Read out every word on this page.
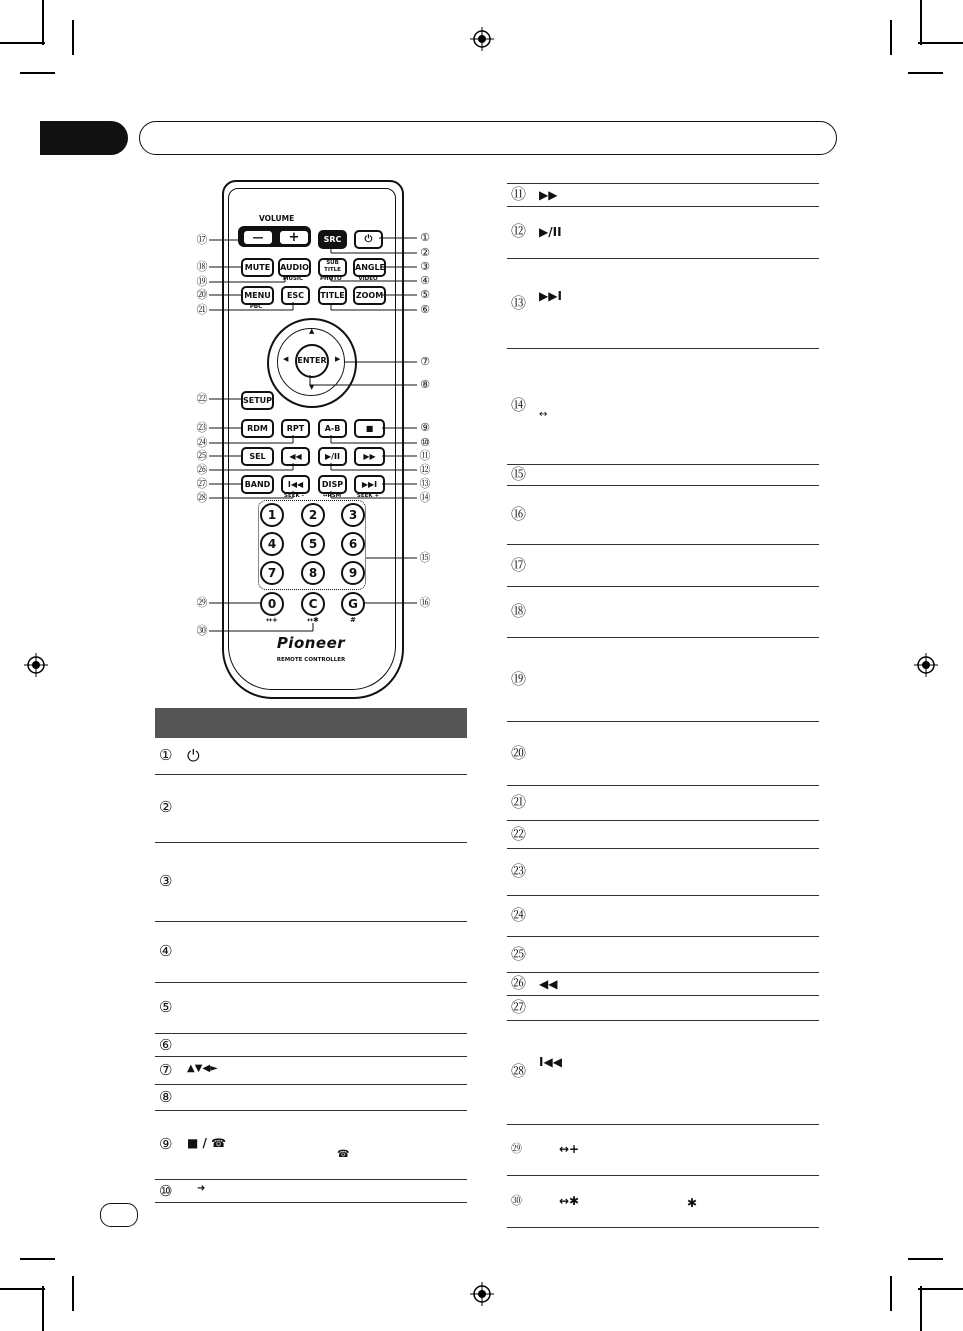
VOLUME
—	+	SRC	⏻
MUTE	AUDIO	SUB TITLE	ANGLE
MUSIC	PHOTO	VIDEO
MENU	ESC	TITLE	ZOOM
PBC
▲
▼
◀	▶
ENTER
SETUP
RDM	RPT	A-B	■
SEL	◀◀	▶/II	▶▶
BAND	I◀◀	DISP	▶▶I
SEEK -	↔RSM	SEEK +
1	2	3
4	5	6
7	8	9
0	C	G
↔+	↔✱	#
Pioneer
REMOTE CONTROLLER
①
②
③
④
⑤
⑥
⑦
⑧
⑨
⑩
⑪
⑫
⑬
⑭
⑮
⑯
⑰
⑱
⑲
⑳
㉑
㉒
㉓
㉔
㉕
㉖
㉗
㉘
㉙
㉚
① ⏻
②
③
④
⑤
⑥
⑦	▲▼◀►
⑧
⑨	■ / ☎
☎
⑩	➜
⑪ ▶▶
⑫ ▶/II
⑬ ▶▶I
⑭
↔
⑮
⑯
⑰
⑱
⑲
⑳
㉑
㉒
㉓
㉔
㉕
㉖ ◀◀
㉗
㉘ I◀◀
㉙	↔+
㉚	↔✱	✱
